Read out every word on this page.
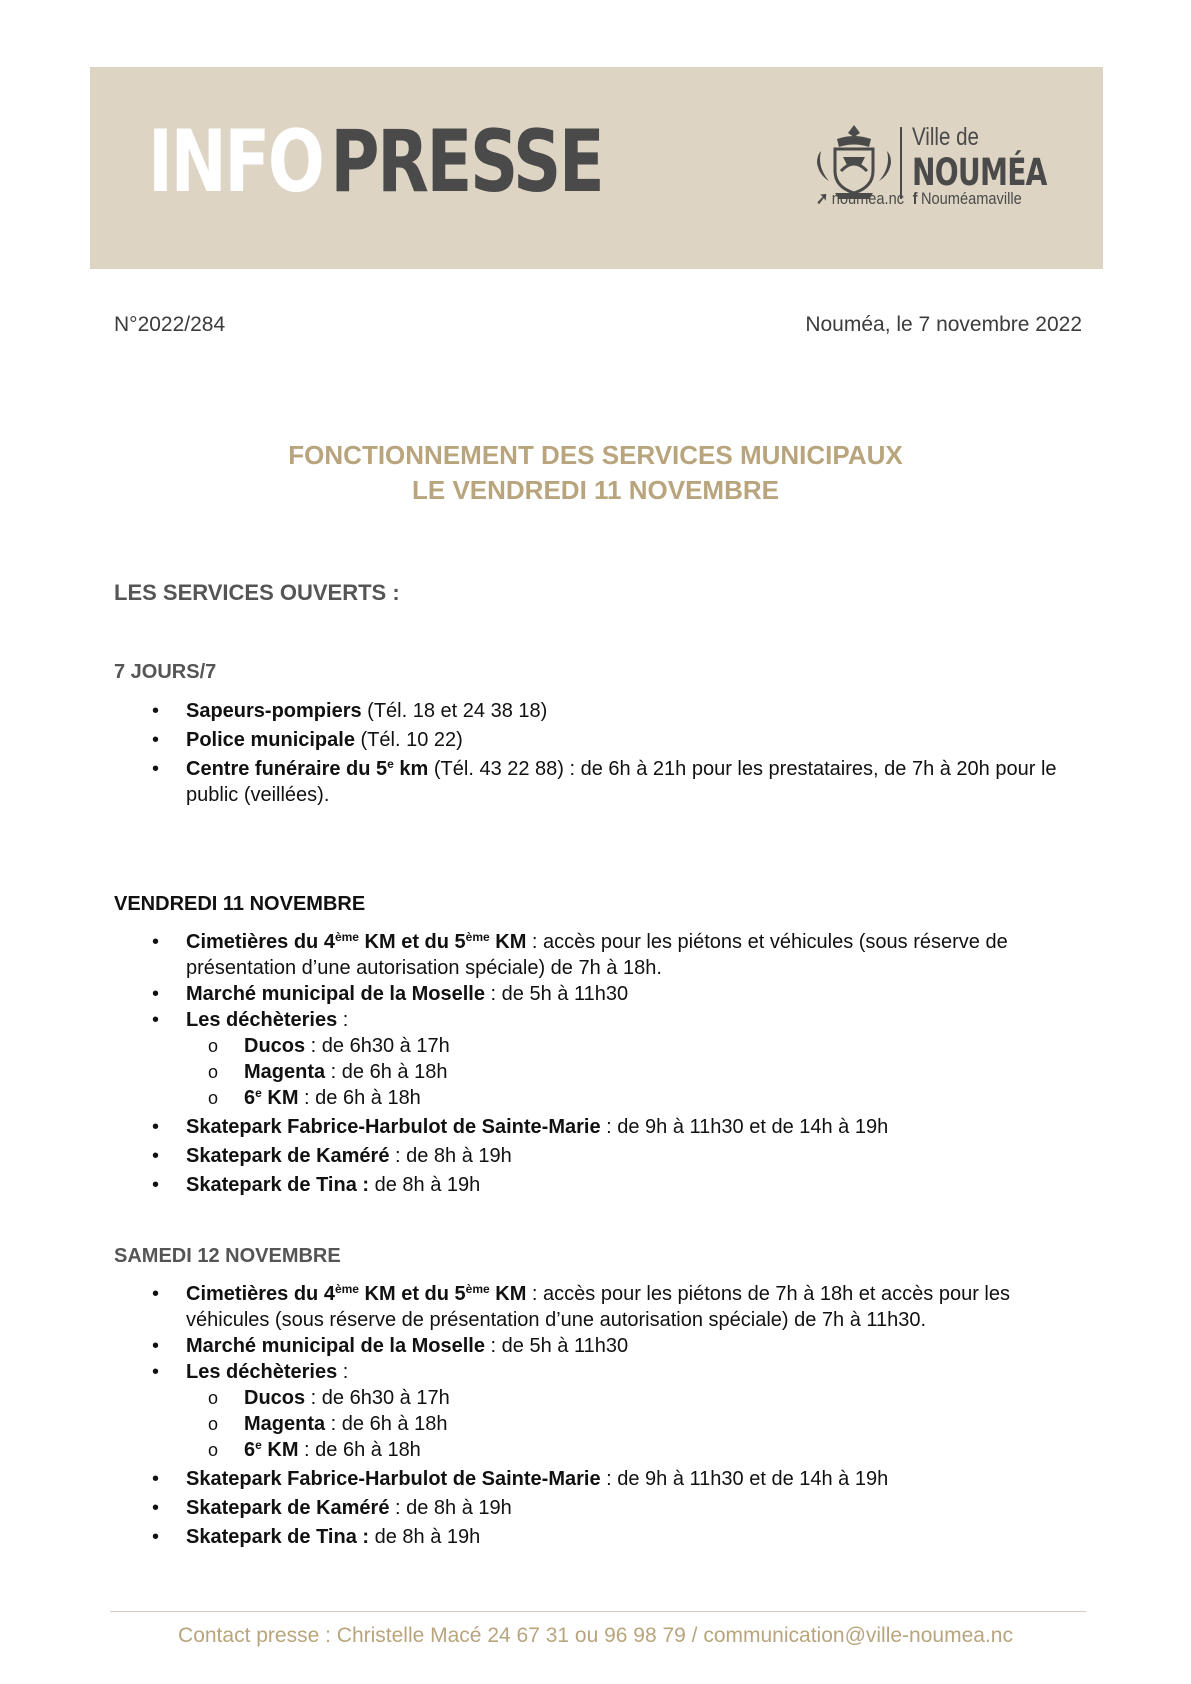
INFOPRESSE	Ville de
NOUMÉA
➚ noumea.nc f Nouméamaville
N°2022/284	Nouméa, le 7 novembre 2022
FONCTIONNEMENT DES SERVICES MUNICIPAUX
LE VENDREDI 11 NOVEMBRE
LES SERVICES OUVERTS :
7 JOURS/7
• Sapeurs-pompiers (Tél. 18 et 24 38 18)
• Police municipale (Tél. 10 22)
• Centre funéraire du 5e km (Tél. 43 22 88) : de 6h à 21h pour les prestataires, de 7h à 20h pour le public (veillées).
VENDREDI 11 NOVEMBRE
• Cimetières du 4ème KM et du 5ème KM : accès pour les piétons et véhicules (sous réserve de présentation d’une autorisation spéciale) de 7h à 18h.
• Marché municipal de la Moselle : de 5h à 11h30
• Les déchèteries :
o Ducos : de 6h30 à 17h
o Magenta : de 6h à 18h
o 6e KM : de 6h à 18h
• Skatepark Fabrice-Harbulot de Sainte-Marie : de 9h à 11h30 et de 14h à 19h
• Skatepark de Kaméré : de 8h à 19h
• Skatepark de Tina : de 8h à 19h
SAMEDI 12 NOVEMBRE
• Cimetières du 4ème KM et du 5ème KM : accès pour les piétons de 7h à 18h et accès pour les véhicules (sous réserve de présentation d’une autorisation spéciale) de 7h à 11h30.
• Marché municipal de la Moselle : de 5h à 11h30
• Les déchèteries :
o Ducos : de 6h30 à 17h
o Magenta : de 6h à 18h
o 6e KM : de 6h à 18h
• Skatepark Fabrice-Harbulot de Sainte-Marie : de 9h à 11h30 et de 14h à 19h
• Skatepark de Kaméré : de 8h à 19h
• Skatepark de Tina : de 8h à 19h
Contact presse : Christelle Macé 24 67 31 ou 96 98 79 / communication@ville-noumea.nc
